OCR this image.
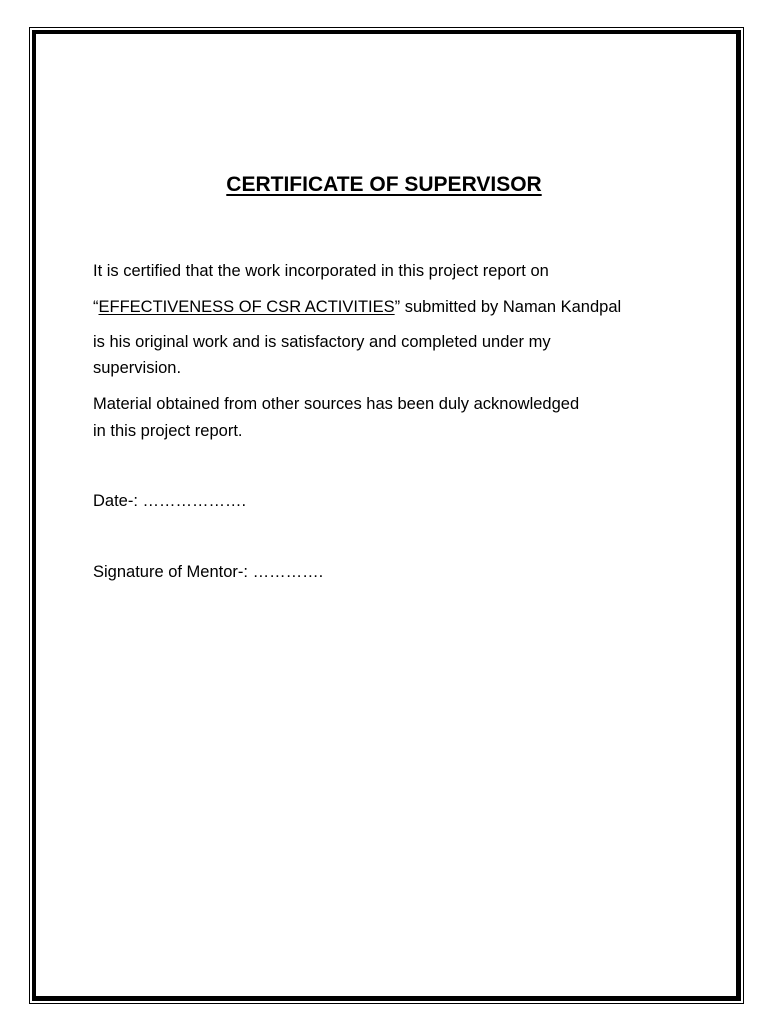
CERTIFICATE OF SUPERVISOR
It is certified that the work incorporated in this project report on
“EFFECTIVENESS OF CSR ACTIVITIES” submitted by Naman Kandpal
is his original work and is satisfactory and completed under my
supervision.
Material obtained from other sources has been duly acknowledged
in this project report.
Date-: ……………….
Signature of Mentor-: ………….
